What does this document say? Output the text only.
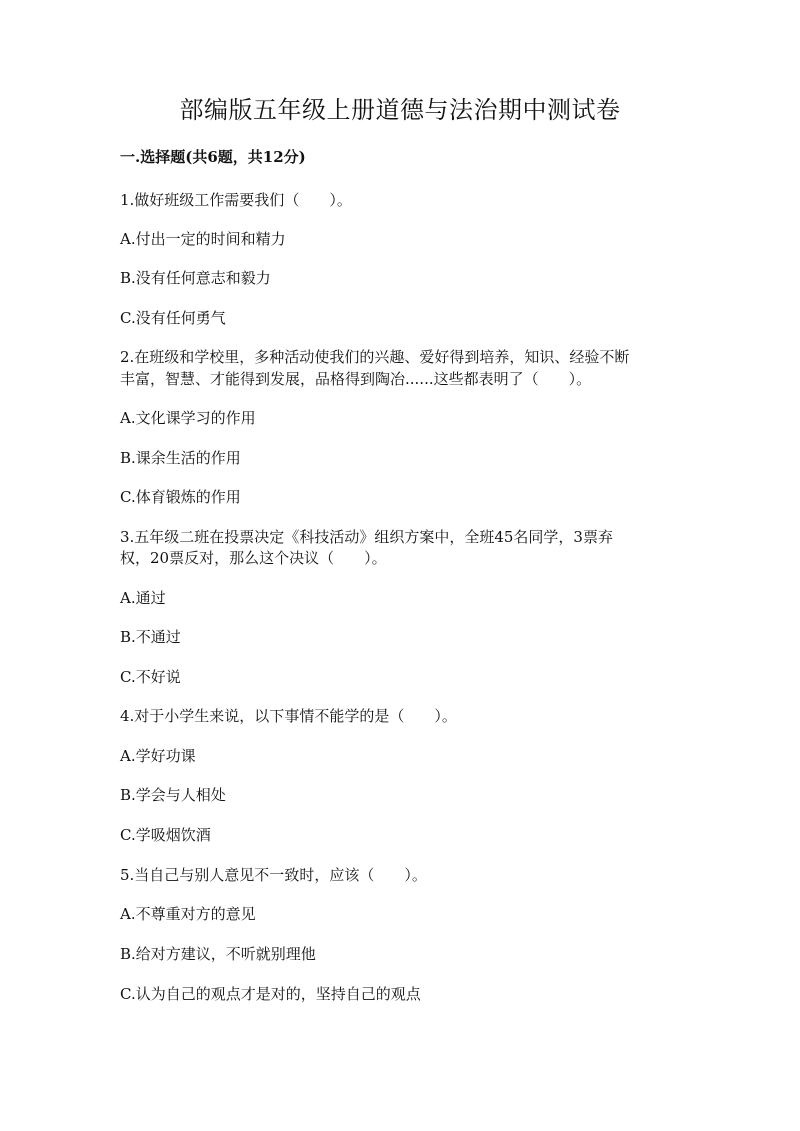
部编版五年级上册道德与法治期中测试卷
一.选择题(共6题，共12分)

1.做好班级工作需要我们（　　）。

A.付出一定的时间和精力

B.没有任何意志和毅力

C.没有任何勇气

2.在班级和学校里，多种活动使我们的兴趣、爱好得到培养，知识、经验不断

丰富，智慧、才能得到发展，品格得到陶冶......这些都表明了（　　）。

A.文化课学习的作用

B.课余生活的作用

C.体育锻炼的作用

3.五年级二班在投票决定《科技活动》组织方案中，全班45名同学，3票弃

权，20票反对，那么这个决议（　　）。

A.通过

B.不通过

C.不好说

4.对于小学生来说，以下事情不能学的是（　　）。

A.学好功课

B.学会与人相处

C.学吸烟饮酒

5.当自己与别人意见不一致时，应该（　　）。

A.不尊重对方的意见

B.给对方建议，不听就别理他

C.认为自己的观点才是对的，坚持自己的观点
